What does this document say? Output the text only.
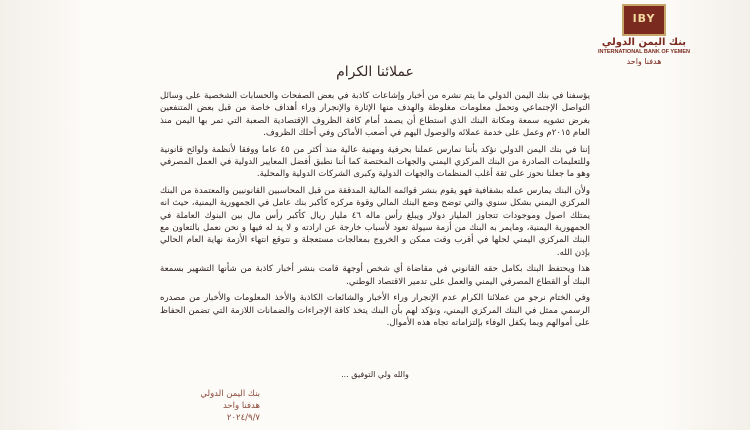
IBY
بنك اليمن الدولي
INTERNATIONAL BANK OF YEMEN
هدفنا واحد
عملائنا الكرام

يؤسفنا في بنك اليمن الدولي ما يتم نشره من أخبار وإشاعات كاذبة في بعض الصفحات والحسابات الشخصية على وسائل التواصل الإجتماعي وتحمل معلومات مغلوطة والهدف منها الإثارة والإنجرار وراء أهداف خاصة من قبل بعض المتنفعين بغرض تشويه سمعة ومكانة البنك الذي استطاع أن يصمد أمام كافة الظروف الإقتصادية الصعبة التي تمر بها اليمن منذ العام ٢٠١٥م وعمل على خدمة عملائه والوصول اليهم في أصعب الأماكن وفي أحلك الظروف.

إننا في بنك اليمن الدولي نؤكد بأننا نمارس عملنا بحرفية ومهنية عالية منذ أكثر من ٤٥ عاما ووفقا لأنظمة ولوائح قانونية وللتعليمات الصادرة من البنك المركزي اليمني والجهات المختصة كما أننا نطبق أفضل المعايير الدولية في العمل المصرفي وهو ما جعلنا نحوز على ثقة أغلب المنظمات والجهات الدولية وكبرى الشركات الدولية والمحلية.

ولأن البنك يمارس عمله بشفافية فهو يقوم بنشر قوائمه المالية المدققة من قبل المحاسبين القانونيين والمعتمدة من البنك المركزي اليمني بشكل سنوي والتي توضح وضع البنك المالي وقوة مركزه كأكبر بنك عامل في الجمهورية اليمنية، حيث انه يمتلك اصول وموجودات تتجاوز المليار دولار ويبلغ رأس ماله ٤٦ مليار ريال كأكبر رأس مال بين البنوك العاملة في الجمهورية اليمنية، ومايمر به البنك من أزمة سيولة تعود لأسباب خارجة عن ارادته و لا يد له فيها و نحن نعمل بالتعاون مع البنك المركزي اليمني لحلها في أقرب وقت ممكن و الخروج بمعالجات مستعجلة و نتوقع انتهاء الأزمة نهاية العام الحالي بإذن الله.

هذا ويحتفظ البنك بكامل حقه القانوني في مقاضاة أي شخص أوجهة قامت بنشر أخبار كاذبة من شأنها التشهير بسمعة البنك أو القطاع المصرفي اليمني والعمل على تدمير الاقتصاد الوطني.

وفي الختام نرجو من عملائنا الكرام عدم الإنجرار وراء الأخبار والشائعات الكاذبة والأخذ المعلومات والأخبار من مصدره الرسمي ممثل في البنك المركزي اليمني، ونؤكد لهم بأن البنك يتخذ كافة الإجراءات والضمانات اللازمة التي تضمن الحفاظ على أموالهم وبما يكفل الوفاء بإلتزاماته تجاه هذه الأموال.

والله ولي التوفيق ...
بنك اليمن الدولي
هدفنا واحد
٢٠٢٤/٩/٧
